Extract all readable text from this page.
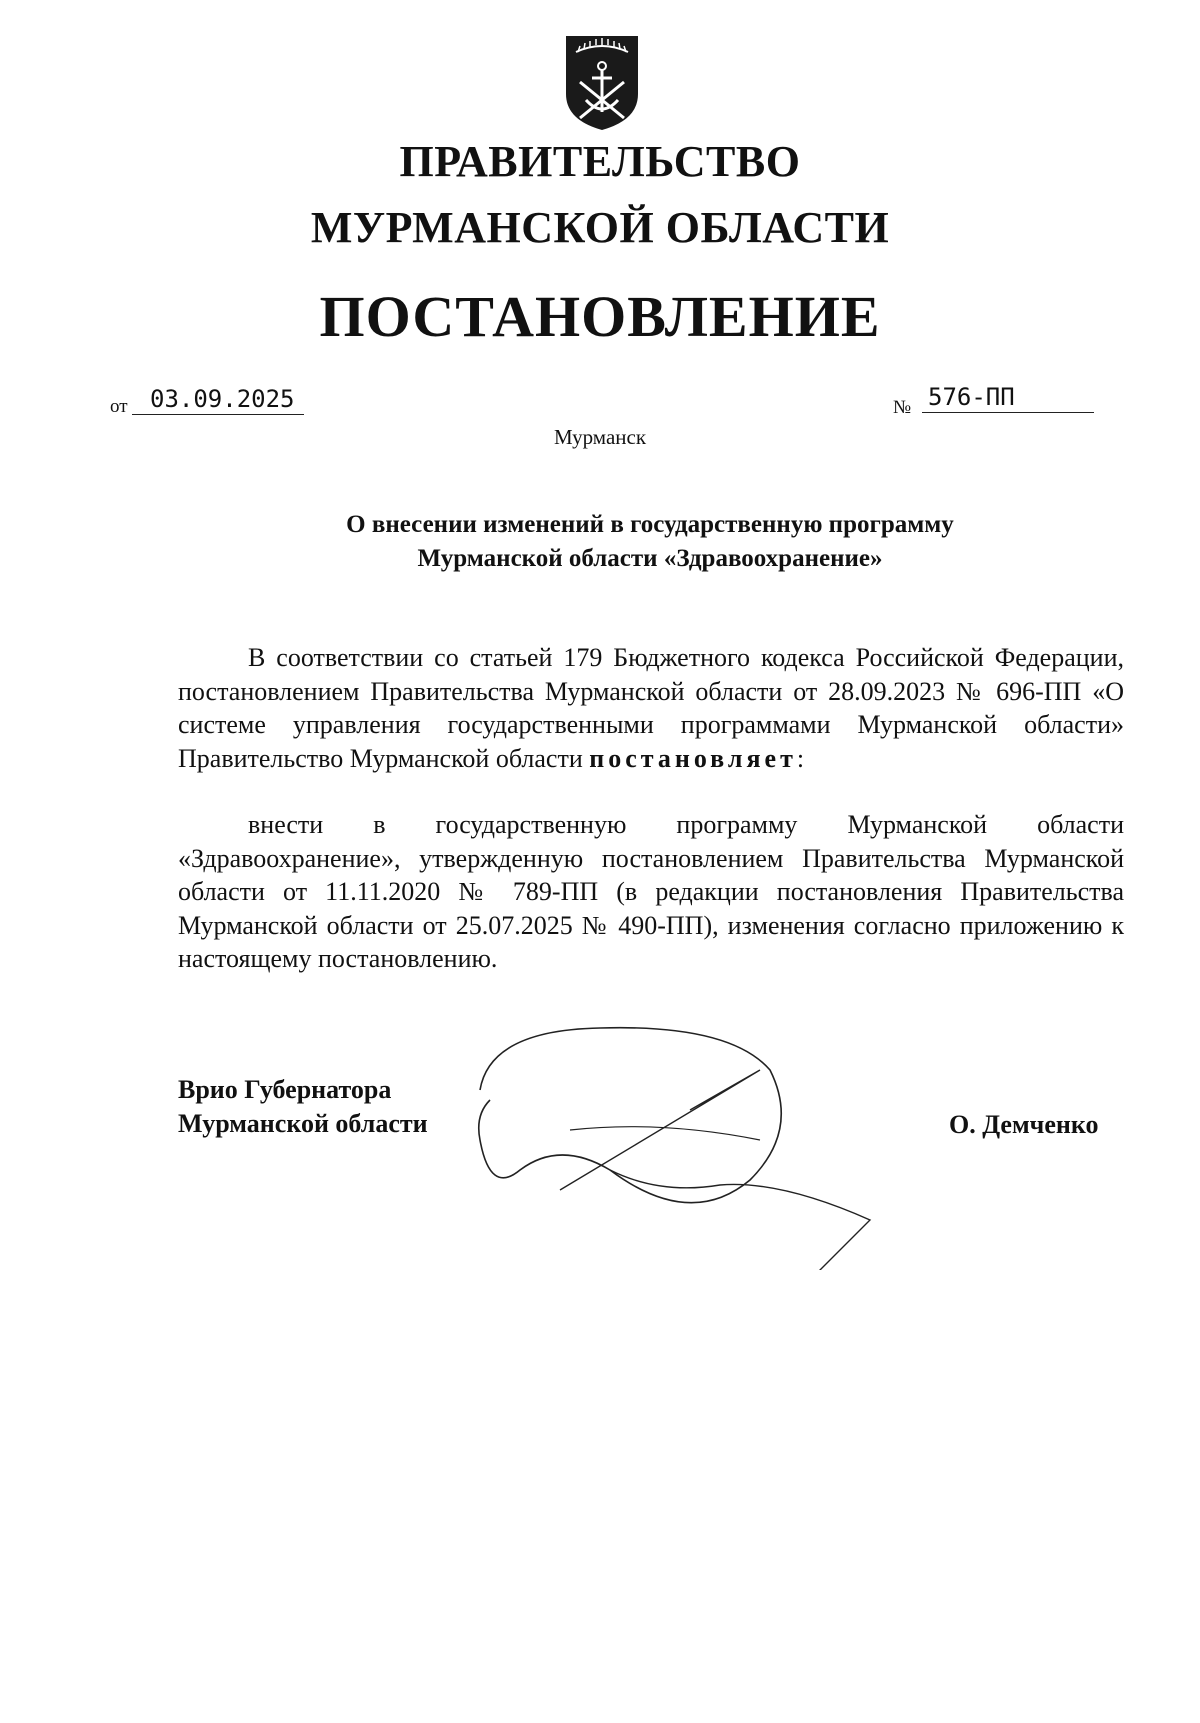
ПРАВИТЕЛЬСТВО
МУРМАНСКОЙ ОБЛАСТИ
ПОСТАНОВЛЕНИЕ
от 03.09.2025	№ 576-ПП
Мурманск
О внесении изменений в государственную программу
Мурманской области «Здравоохранение»
В соответствии со статьей 179 Бюджетного кодекса Российской Федерации, постановлением Правительства Мурманской области от 28.09.2023 № 696-ПП «О системе управления государственными программами Мурманской области» Правительство Мурманской области постановляет:
внести в государственную программу Мурманской области «Здравоохранение», утвержденную постановлением Правительства Мурманской области от 11.11.2020 № 789-ПП (в редакции постановления Правительства Мурманской области от 25.07.2025 № 490-ПП), изменения согласно приложению к настоящему постановлению.
Врио Губернатора
Мурманской области	О. Демченко
